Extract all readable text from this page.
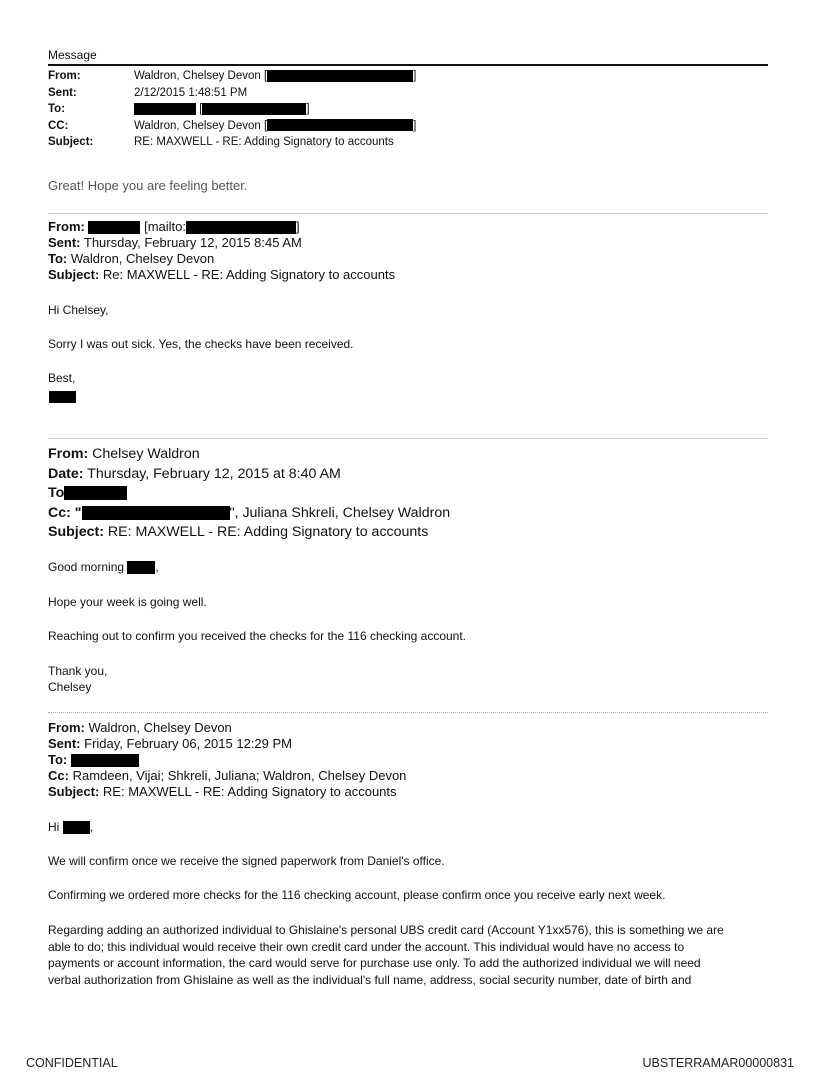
Message
From:	Waldron, Chelsey Devon [	]
Sent:	2/12/2015 1:48:51 PM
To:	[	]
CC:	Waldron, Chelsey Devon [	]
Subject:	RE: MAXWELL - RE: Adding Signatory to accounts
Great! Hope you are feeling better.
From:	[mailto:	]
Sent: Thursday, February 12, 2015 8:45 AM
To: Waldron, Chelsey Devon
Subject: Re: MAXWELL - RE: Adding Signatory to accounts
Hi Chelsey,
Sorry I was out sick. Yes, the checks have been received.
Best,
From: Chelsey Waldron
Date: Thursday, February 12, 2015 at 8:40 AM
To
Cc: "	", Juliana Shkreli, Chelsey Waldron
Subject: RE: MAXWELL - RE: Adding Signatory to accounts
Good morning	,
Hope your week is going well.
Reaching out to confirm you received the checks for the 116 checking account.
Thank you,
Chelsey
From: Waldron, Chelsey Devon
Sent: Friday, February 06, 2015 12:29 PM
To:
Cc: Ramdeen, Vijai; Shkreli, Juliana; Waldron, Chelsey Devon
Subject: RE: MAXWELL - RE: Adding Signatory to accounts
Hi	,
We will confirm once we receive the signed paperwork from Daniel's office.
Confirming we ordered more checks for the 116 checking account, please confirm once you receive early next week.
Regarding adding an authorized individual to Ghislaine's personal UBS credit card (Account Y1xx576), this is something we are
able to do; this individual would receive their own credit card under the account. This individual would have no access to
payments or account information, the card would serve for purchase use only. To add the authorized individual we will need
verbal authorization from Ghislaine as well as the individual's full name, address, social security number, date of birth and
CONFIDENTIAL	UBSTERRAMAR00000831
